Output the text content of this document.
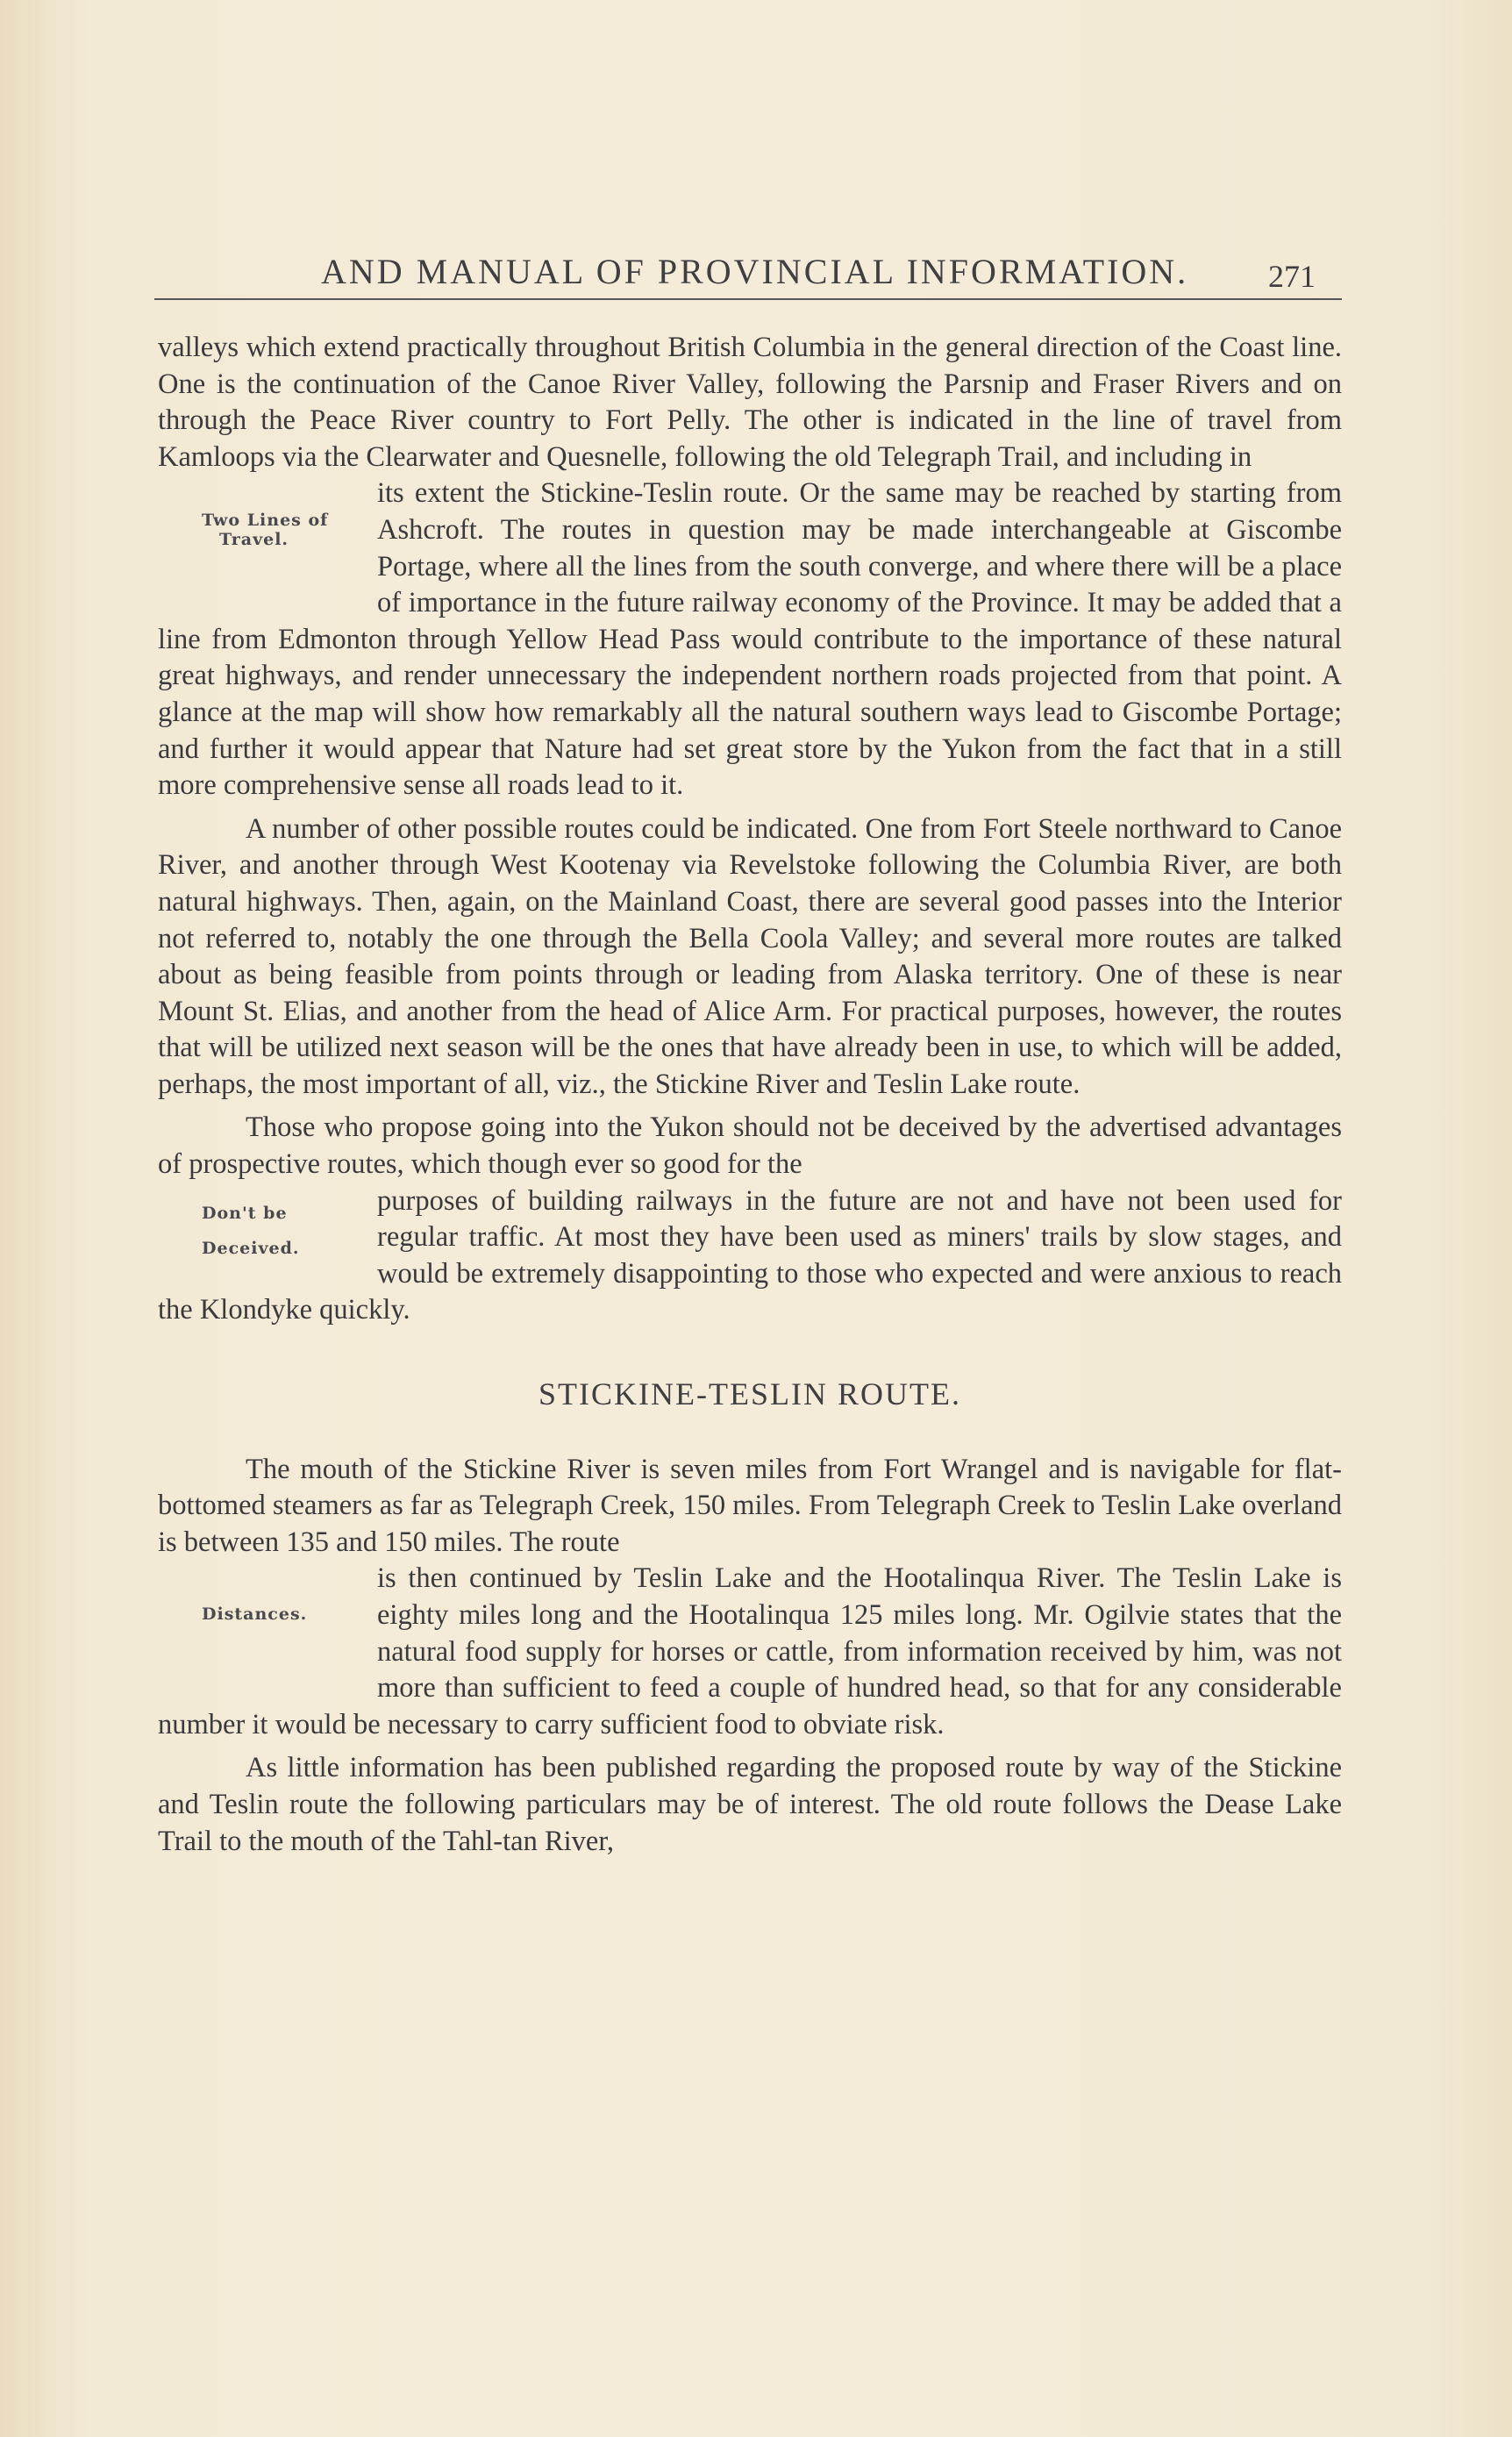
AND MANUAL OF PROVINCIAL INFORMATION.	271

valleys which extend practically throughout British Columbia in the general direction of the Coast line. One is the continuation of the Canoe River Valley, following the Parsnip and Fraser Rivers and on through the Peace River country to Fort Pelly. The other is indicated in the line of travel from Kamloops via the Clearwater and Quesnelle, following the old Telegraph Trail, and including in

Two Lines of
Travel.

its extent the Stickine-Teslin route. Or the same may be reached by starting from Ashcroft. The routes in question may be made interchangeable at Giscombe Portage, where all the lines from the south converge, and where there will be a place of importance in the future railway economy of the Province. It may be added that a line from Edmonton through Yellow Head Pass would contribute to the importance of these natural great highways, and render unnecessary the independent northern roads projected from that point. A glance at the map will show how remarkably all the natural southern ways lead to Giscombe Portage; and further it would appear that Nature had set great store by the Yukon from the fact that in a still more comprehensive sense all roads lead to it.

A number of other possible routes could be indicated. One from Fort Steele northward to Canoe River, and another through West Kootenay via Revelstoke following the Columbia River, are both natural highways. Then, again, on the Mainland Coast, there are several good passes into the Interior not referred to, notably the one through the Bella Coola Valley; and several more routes are talked about as being feasible from points through or leading from Alaska territory. One of these is near Mount St. Elias, and another from the head of Alice Arm. For practical purposes, however, the routes that will be utilized next season will be the ones that have already been in use, to which will be added, perhaps, the most important of all, viz., the Stickine River and Teslin Lake route.

Those who propose going into the Yukon should not be deceived by the advertised advantages of prospective routes, which though ever so good for the

Don't be
Deceived.

purposes of building railways in the future are not and have not been used for regular traffic. At most they have been used as miners' trails by slow stages, and would be extremely disappointing to those who expected and were anxious to reach the Klondyke quickly.

STICKINE-TESLIN ROUTE.

The mouth of the Stickine River is seven miles from Fort Wrangel and is navigable for flat-bottomed steamers as far as Telegraph Creek, 150 miles. From Telegraph Creek to Teslin Lake overland is between 135 and 150 miles. The route

Distances.

is then continued by Teslin Lake and the Hootalinqua River. The Teslin Lake is eighty miles long and the Hootalinqua 125 miles long. Mr. Ogilvie states that the natural food supply for horses or cattle, from information received by him, was not more than sufficient to feed a couple of hundred head, so that for any considerable number it would be necessary to carry sufficient food to obviate risk.

As little information has been published regarding the proposed route by way of the Stickine and Teslin route the following particulars may be of interest. The old route follows the Dease Lake Trail to the mouth of the Tahl-tan River,
